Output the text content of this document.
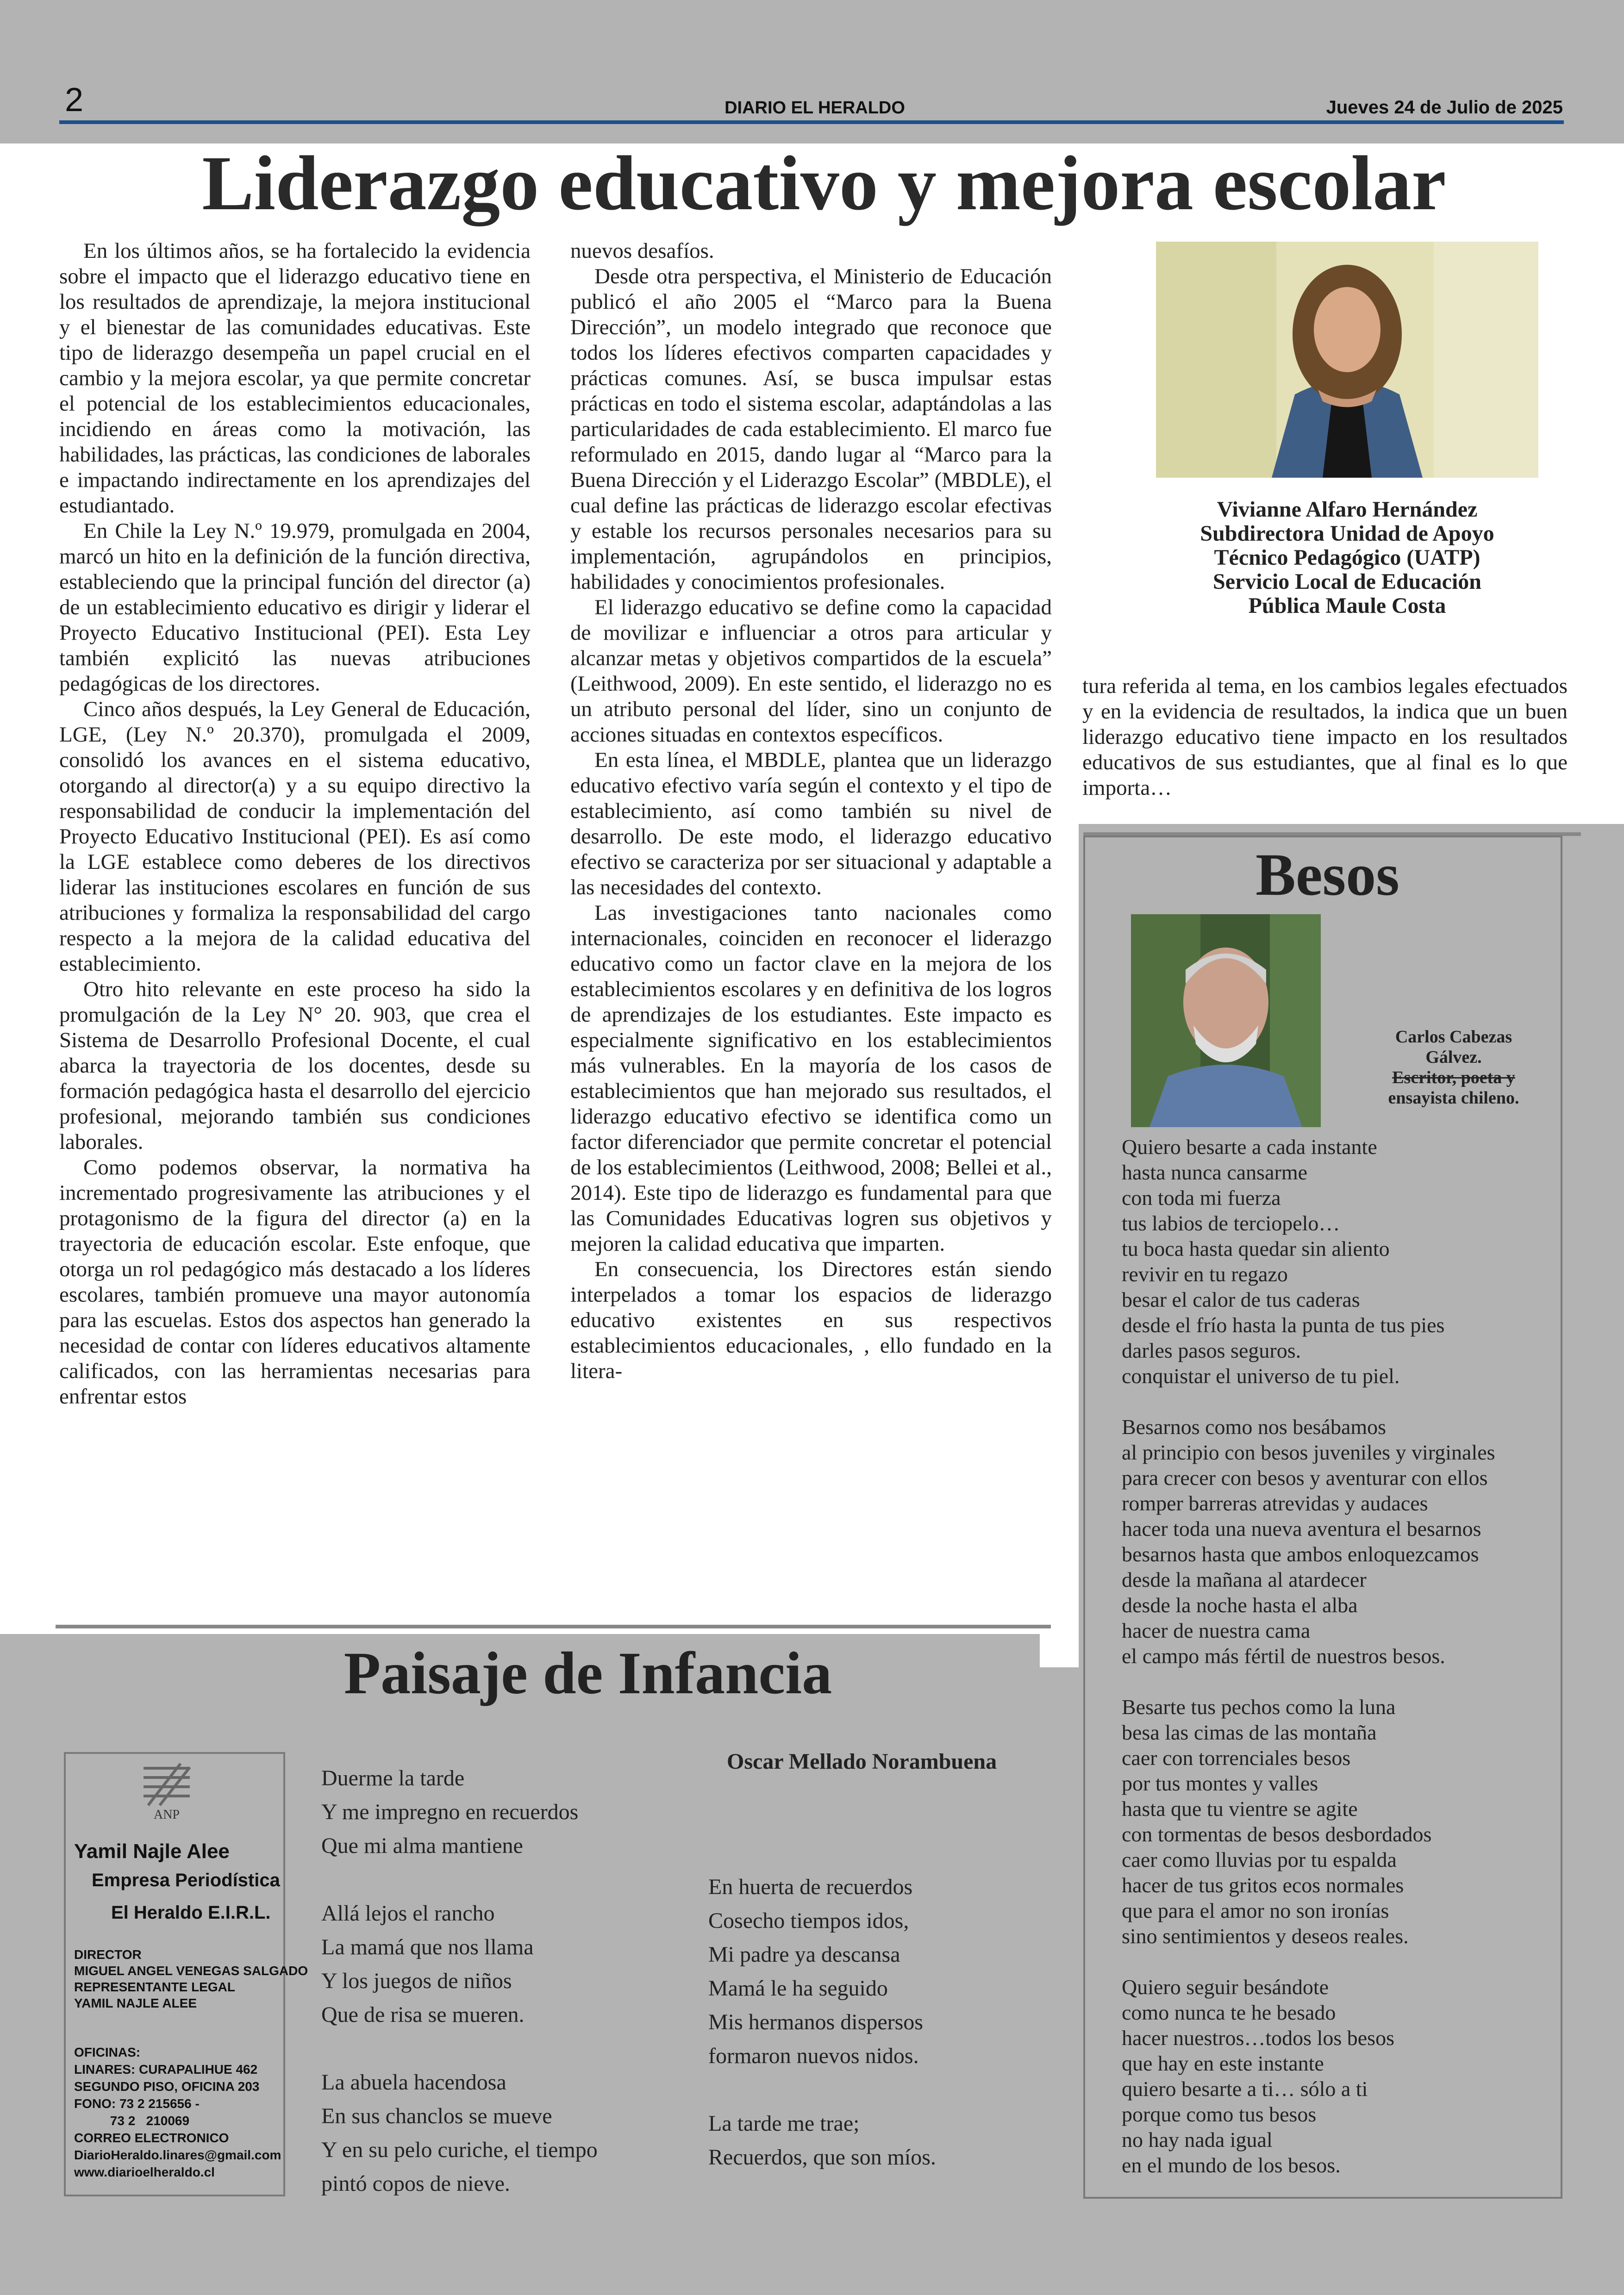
2	DIARIO EL HERALDO	Jueves 24 de Julio de 2025
Liderazgo educativo y mejora escolar

En los últimos años, se ha fortalecido la evidencia sobre el impacto que el liderazgo educativo tiene en los resultados de aprendizaje, la mejora institucional y el bienestar de las comunidades educativas. Este tipo de liderazgo desempeña un papel crucial en el cambio y la mejora escolar, ya que permite concretar el potencial de los establecimientos educacionales, incidiendo en áreas como la motivación, las habilidades, las prácticas, las condiciones de laborales e impactando indirectamente en los aprendizajes del estudiantado.

En Chile la Ley N.º 19.979, promulgada en 2004, marcó un hito en la definición de la función directiva, estableciendo que la principal función del director (a) de un establecimiento educativo es dirigir y liderar el Proyecto Educativo Institucional (PEI). Esta Ley también explicitó las nuevas atribuciones pedagógicas de los directores.

Cinco años después, la Ley General de Educación, LGE, (Ley N.º 20.370), promulgada el 2009, consolidó los avances en el sistema educativo, otorgando al director(a) y a su equipo directivo la responsabilidad de conducir la implementación del Proyecto Educativo Institucional (PEI). Es así como la LGE establece como deberes de los directivos liderar las instituciones escolares en función de sus atribuciones y formaliza la responsabilidad del cargo respecto a la mejora de la calidad educativa del establecimiento.

Otro hito relevante en este proceso ha sido la promulgación de la Ley N° 20. 903, que crea el Sistema de Desarrollo Profesional Docente, el cual abarca la trayectoria de los docentes, desde su formación pedagógica hasta el desarrollo del ejercicio profesional, mejorando también sus condiciones laborales.

Como podemos observar, la normativa ha incrementado progresivamente las atribuciones y el protagonismo de la figura del director (a) en la trayectoria de educación escolar. Este enfoque, que otorga un rol pedagógico más destacado a los líderes escolares, también promueve una mayor autonomía para las escuelas. Estos dos aspectos han generado la necesidad de contar con líderes educativos altamente calificados, con las herramientas necesarias para enfrentar estos

nuevos desafíos.

Desde otra perspectiva, el Ministerio de Educación publicó el año 2005 el “Marco para la Buena Dirección”, un modelo integrado que reconoce que todos los líderes efectivos comparten capacidades y prácticas comunes. Así, se busca impulsar estas prácticas en todo el sistema escolar, adaptándolas a las particularidades de cada establecimiento. El marco fue reformulado en 2015, dando lugar al “Marco para la Buena Dirección y el Liderazgo Escolar” (MBDLE), el cual define las prácticas de liderazgo escolar efectivas y estable los recursos personales necesarios para su implementación, agrupándolos en principios, habilidades y conocimientos profesionales.

El liderazgo educativo se define como la capacidad de movilizar e influenciar a otros para articular y alcanzar metas y objetivos compartidos de la escuela” (Leithwood, 2009). En este sentido, el liderazgo no es un atributo personal del líder, sino un conjunto de acciones situadas en contextos específicos.

En esta línea, el MBDLE, plantea que un liderazgo educativo efectivo varía según el contexto y el tipo de establecimiento, así como también su nivel de desarrollo. De este modo, el liderazgo educativo efectivo se caracteriza por ser situacional y adaptable a las necesidades del contexto.

Las investigaciones tanto nacionales como internacionales, coinciden en reconocer el liderazgo educativo como un factor clave en la mejora de los establecimientos escolares y en definitiva de los logros de aprendizajes de los estudiantes. Este impacto es especialmente significativo en los establecimientos más vulnerables. En la mayoría de los casos de establecimientos que han mejorado sus resultados, el liderazgo educativo efectivo se identifica como un factor diferenciador que permite concretar el potencial de los establecimientos (Leithwood, 2008; Bellei et al., 2014). Este tipo de liderazgo es fundamental para que las Comunidades Educativas logren sus objetivos y mejoren la calidad educativa que imparten.

En consecuencia, los Directores están siendo interpelados a tomar los espacios de liderazgo educativo existentes en sus respectivos establecimientos educacionales, , ello fundado en la litera-

Vivianne Alfaro Hernández
Subdirectora Unidad de Apoyo
Técnico Pedagógico (UATP)
Servicio Local de Educación
Pública Maule Costa

tura referida al tema, en los cambios legales efectuados y en la evidencia de resultados, la indica que un buen liderazgo educativo tiene impacto en los resultados educativos de sus estudiantes, que al final es lo que importa…

Besos
Carlos Cabezas
Gálvez.
Escritor, poeta y
ensayista chileno.
Quiero besarte a cada instante
hasta nunca cansarme
con toda mi fuerza
tus labios de terciopelo…
tu boca hasta quedar sin aliento
revivir en tu regazo
besar el calor de tus caderas
desde el frío hasta la punta de tus pies
darles pasos seguros.
conquistar el universo de tu piel.
Besarnos como nos besábamos
al principio con besos juveniles y virginales
para crecer con besos y aventurar con ellos
romper barreras atrevidas y audaces
hacer toda una nueva aventura el besarnos
besarnos hasta que ambos enloquezcamos
desde la mañana al atardecer
desde la noche hasta el alba
hacer de nuestra cama
el campo más fértil de nuestros besos.
Besarte tus pechos como la luna
besa las cimas de las montaña
caer con torrenciales besos
por tus montes y valles
hasta que tu vientre se agite
con tormentas de besos desbordados
caer como lluvias por tu espalda
hacer de tus gritos ecos normales
que para el amor no son ironías
sino sentimientos y deseos reales.
Quiero seguir besándote
como nunca te he besado
hacer nuestros…todos los besos
que hay en este instante
quiero besarte a ti… sólo a ti
porque como tus besos
no hay nada igual
en el mundo de los besos.
Paisaje de Infancia
Oscar Mellado Norambuena
Duerme la tarde
Y me impregno en recuerdos
Que mi alma mantiene
Allá lejos el rancho
La mamá que nos llama
Y los juegos de niños
Que de risa se mueren.
La abuela hacendosa
En sus chanclos se mueve
Y en su pelo curiche, el tiempo
pintó copos de nieve.
En huerta de recuerdos
Cosecho tiempos idos,
Mi padre ya descansa
Mamá le ha seguido
Mis hermanos dispersos
formaron nuevos nidos.
La tarde me trae;
Recuerdos, que son míos.
ANP
Yamil Najle Alee
Empresa Periodística
El Heraldo E.I.R.L.
DIRECTOR
MIGUEL ANGEL VENEGAS SALGADO
REPRESENTANTE LEGAL
YAMIL NAJLE ALEE
OFICINAS:
LINARES: CURAPALIHUE 462
SEGUNDO PISO, OFICINA 203
FONO: 73 2 215656 -
73 2   210069
CORREO ELECTRONICO
DiarioHeraldo.linares@gmail.com
www.diarioelheraldo.cl
